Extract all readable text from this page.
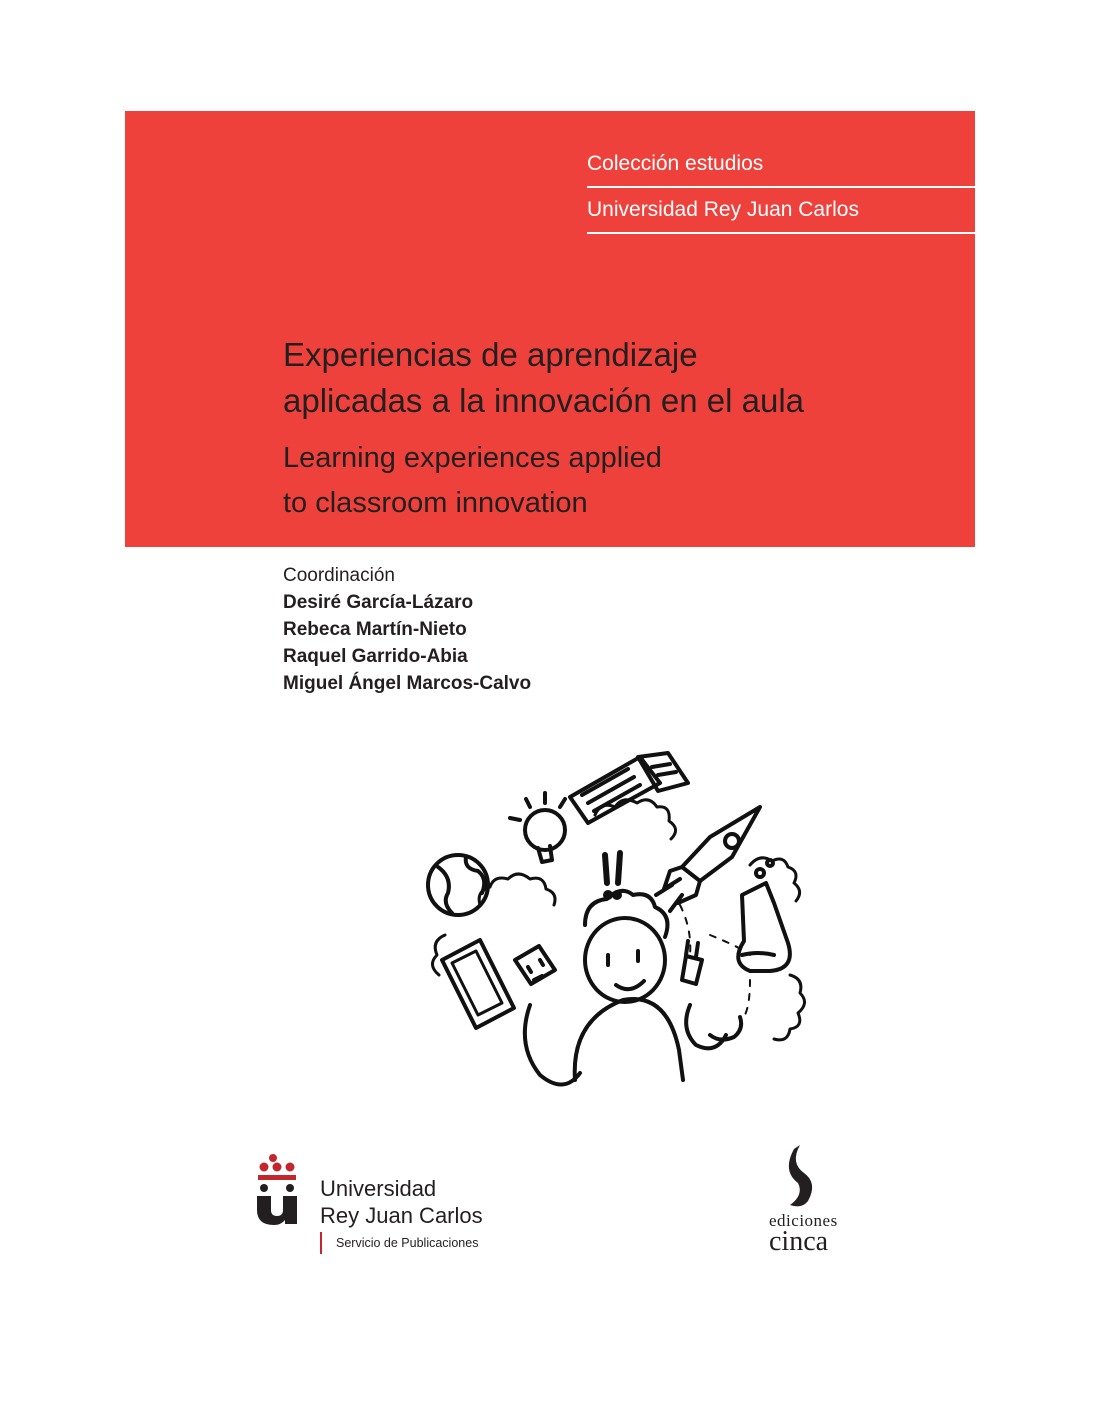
Colección estudios
Universidad Rey Juan Carlos
Experiencias de aprendizaje
aplicadas a la innovación en el aula
Learning experiences applied
to classroom innovation
Coordinación
Desiré García-Lázaro
Rebeca Martín-Nieto
Raquel Garrido-Abia
Miguel Ángel Marcos-Calvo
Universidad
Rey Juan Carlos
Servicio de Publicaciones
ediciones
cinca
